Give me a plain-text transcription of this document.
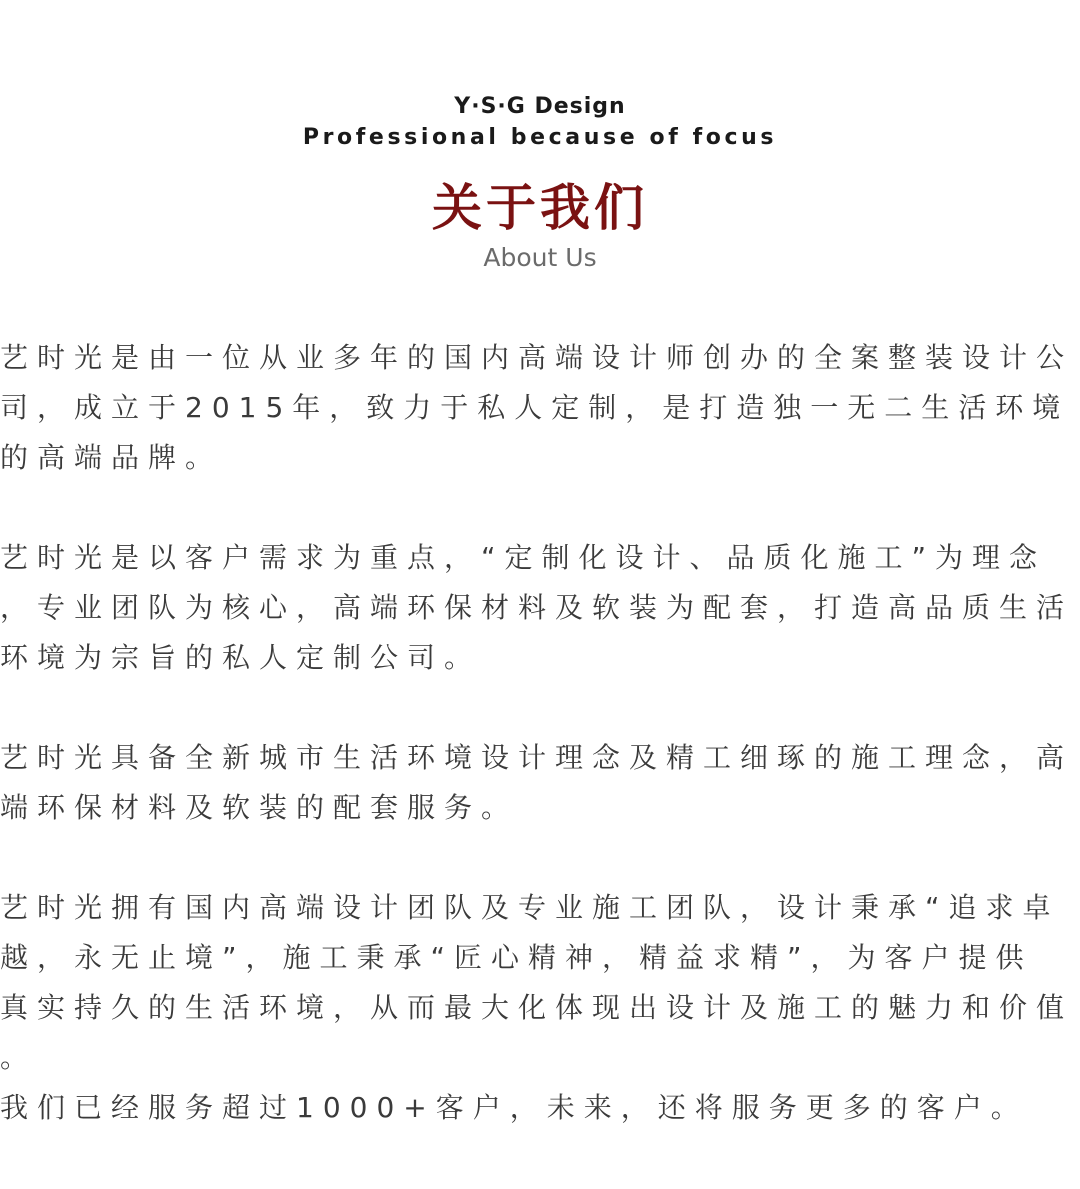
Y·S·G Design
Professional because of focus
关于我们
About Us
艺时光是由一位从业多年的国内高端设计师创办的全案整装设计公
司，成立于2015年，致力于私人定制，是打造独一无二生活环境
的高端品牌。
艺时光是以客户需求为重点，“定制化设计、品质化施工”为理念
，专业团队为核心，高端环保材料及软装为配套，打造高品质生活
环境为宗旨的私人定制公司。
艺时光具备全新城市生活环境设计理念及精工细琢的施工理念，高
端环保材料及软装的配套服务。
艺时光拥有国内高端设计团队及专业施工团队，设计秉承“追求卓
越，永无止境”，施工秉承“匠心精神，精益求精”，为客户提供
真实持久的生活环境，从而最大化体现出设计及施工的魅力和价值
。
我们已经服务超过1000+客户，未来，还将服务更多的客户。
